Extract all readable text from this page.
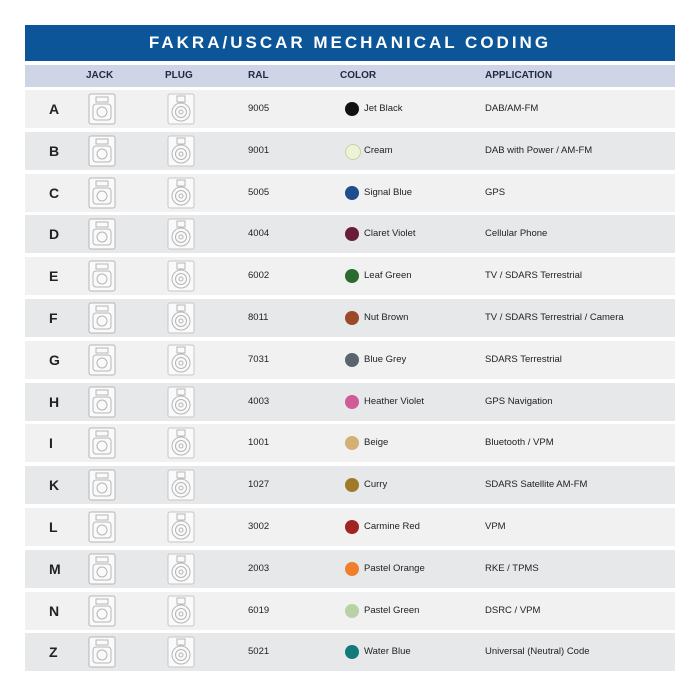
FAKRA/USCAR MECHANICAL CODING
JACK	PLUG	RAL	COLOR	APPLICATION
A	9005	Jet Black	DAB/AM-FM
B	9001	Cream	DAB with Power / AM-FM
C	5005	Signal Blue	GPS
D	4004	Claret Violet	Cellular Phone
E	6002	Leaf Green	TV / SDARS Terrestrial
F	8011	Nut Brown	TV / SDARS Terrestrial / Camera
G	7031	Blue Grey	SDARS Terrestrial
H	4003	Heather Violet	GPS Navigation
I	1001	Beige	Bluetooth / VPM
K	1027	Curry	SDARS Satellite AM-FM
L	3002	Carmine Red	VPM
M	2003	Pastel Orange	RKE / TPMS
N	6019	Pastel Green	DSRC / VPM
Z	5021	Water Blue	Universal (Neutral) Code
